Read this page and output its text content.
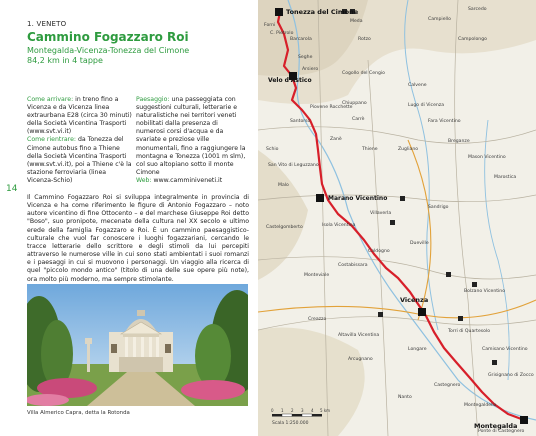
1. VENETO
Cammino Fogazzaro Roi
Montegalda-Vicenza-Tonezza del Cimone
84,2 km in 4 tappe
Come arrivare: in treno fino a Vicenza e da Vicenza linea extraurbana E28 (circa 30 minuti) della Società Vicentina Trasporti (www.svt.vi.it)
Come rientrare: da Tonezza del Cimone autobus fino a Thiene della Società Vicentina Trasporti (www.svt.vi.it), poi a Thiene c'è la stazione ferroviaria (linea Vicenza-Schio)
Paesaggio: una passeggiata con suggestioni culturali, letterarie e naturalistiche nei territori veneti nobilitati dalla presenza di numerosi corsi d'acqua e da svariate e preziose ville monumentali, fino a raggiungere la montagna e Tonezza (1001 m slm), col suo altopiano sotto il monte Cimone
Web: www.camminiveneti.it
14
Il Cammino Fogazzaro Roi si sviluppa integralmente in provincia di Vicenza e ha come riferimento le figure di Antonio Fogazzaro – noto autore vicentino di fine Ottocento – e del marchese Giuseppe Roi detto "Boso", suo pronipote, mecenate della cultura nel XX secolo e ultimo erede della famiglia Fogazzaro e Roi. È un cammino paesaggistico-culturale che vuol far conoscere i luoghi fogazzariani, cercando le tracce letterarie dello scrittore e degli stimoli da lui percepiti attraverso le numerose ville in cui sono stati ambientati i suoi romanzi e i paesaggi in cui si muovono i personaggi. Un viaggio alla ricerca di quel "piccolo mondo antico" (titolo di una delle sue opere più note), ora molto più moderno, ma sempre stimolante.
Villa Almerico Capra, detta la Rotonda
Tonezza del Cimone
Velo d'Astico
Marano Vicentino
Vicenza
Montegalda
Forni
C. Pietrolo
Barcarola
Arsiero
Seghe
Meda	Campiello
Rotzo
Sarcedo
Campolongo
Cogollo del Cengio
Piovene Rocchette
Santorso
Calvene
Chiuppano
Carrè
Zanè
Lugo di Vicenza
Fara Vicentino
Breganze
Mason Vicentino
Schio	Thiene	Zugliano
Marostica
San Vito di Leguzzano
Malo
Isola Vicentina
Villaverla
Dueville
Sandrigo
Castelgomberto
Costabissara
Caldogno
Bolzano Vicentino
Monteviale
Creazzo
Altavilla Vicentina
Torri di Quartesolo
Camisano Vicentino
Grisignano di Zocco
Arcugnano
Longare
Castegnero
Nanto
Montegaldella
Ponte di Castegnero
0 1 2 3 4 5 km
Scala 1:250.000
